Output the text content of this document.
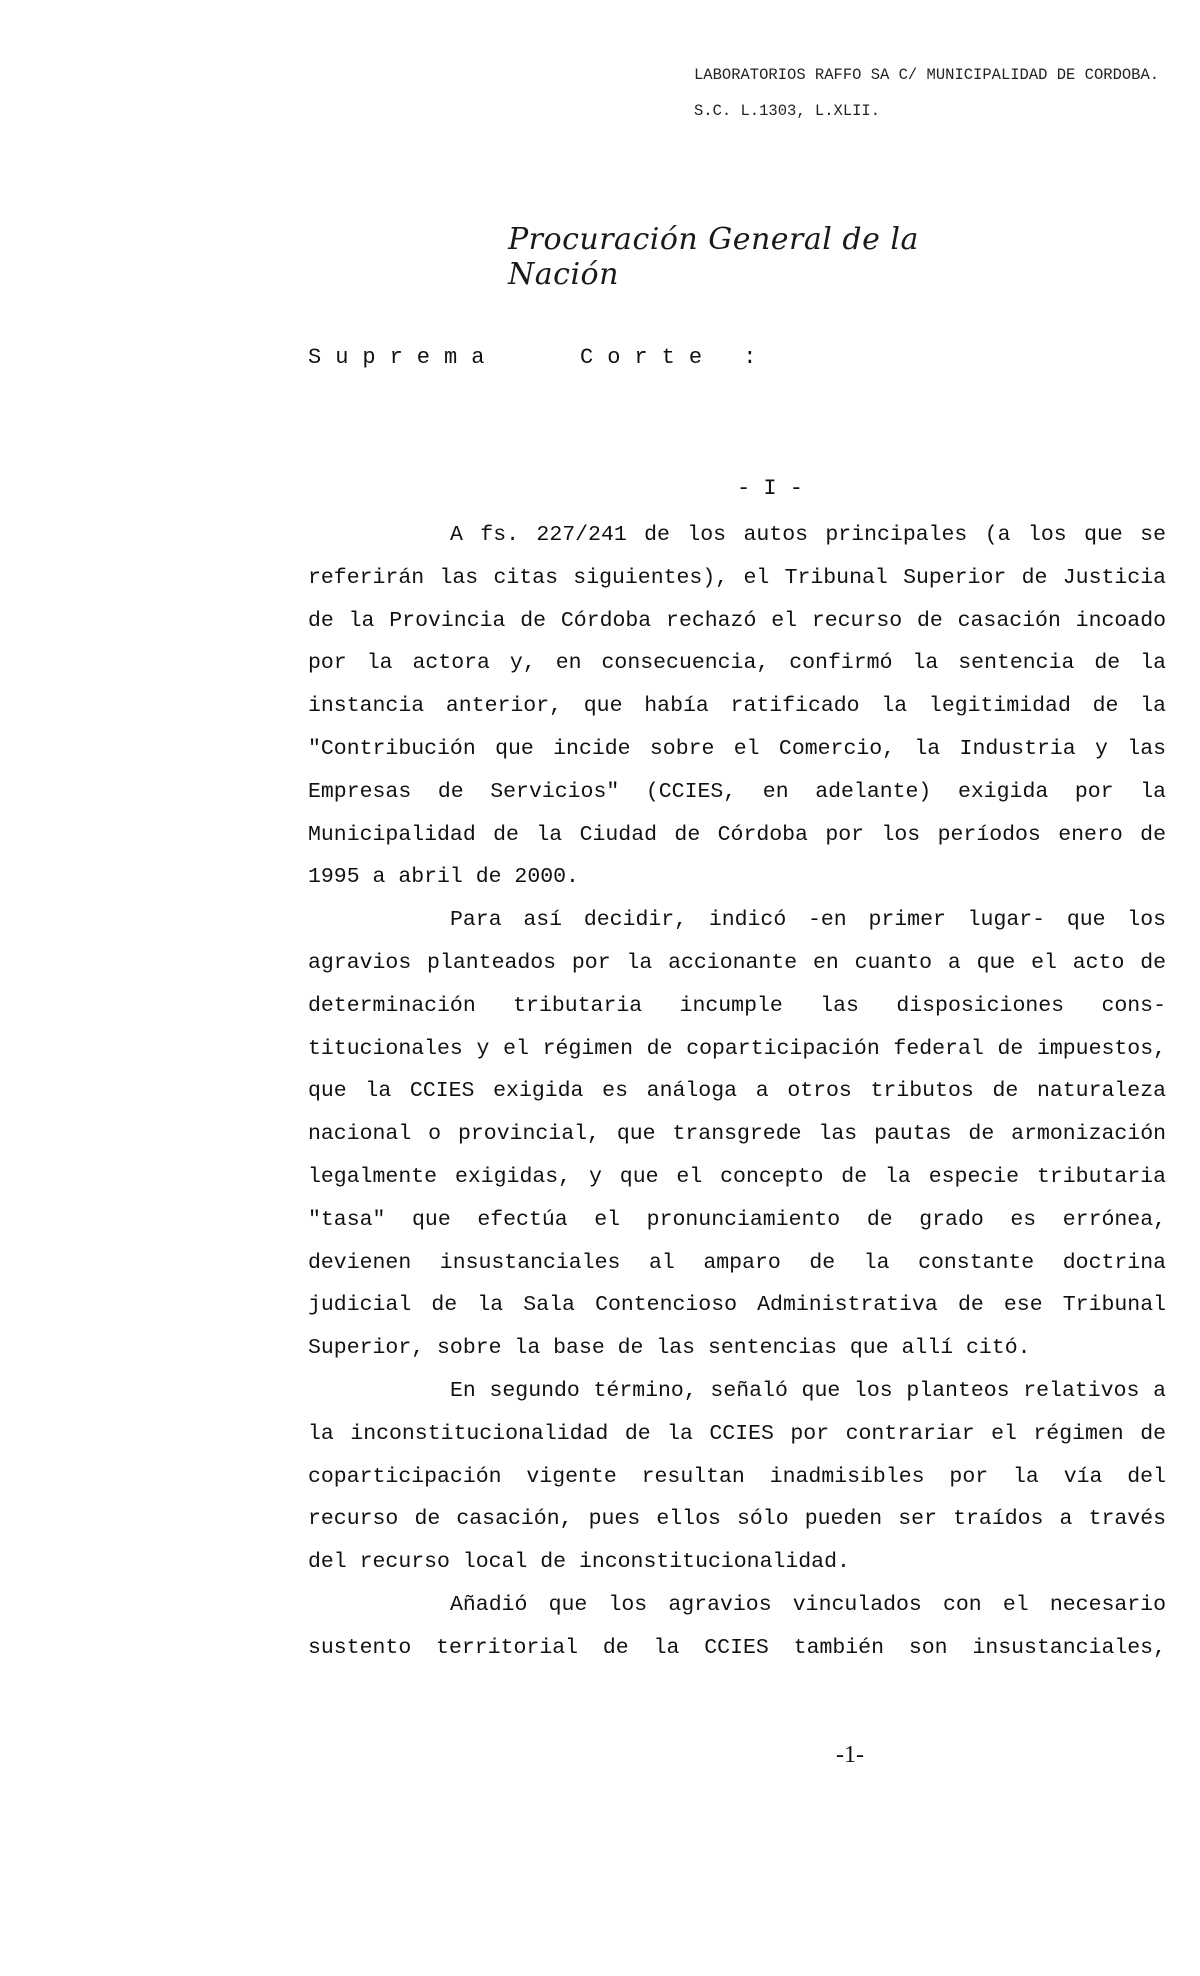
LABORATORIOS RAFFO SA C/ MUNICIPALIDAD DE CORDOBA.
S.C. L.1303, L.XLII.
Procuración General de la Nación
Suprema   Corte :
- I -

A fs. 227/241 de los autos principales (a los que se referirán las citas siguientes), el Tribunal Superior de Justicia de la Provincia de Córdoba rechazó el recurso de casación incoado por la actora y, en consecuencia, confirmó la sentencia de la instancia anterior, que había ratificado la legitimidad de la "Contribución que incide sobre el Comercio, la Industria y las Empresas de Servicios" (CCIES, en adelante) exigida por la Municipalidad de la Ciudad de Córdoba por los períodos enero de 1995 a abril de 2000.

Para así decidir, indicó -en primer lugar- que los agravios planteados por la accionante en cuanto a que el acto de determinación tributaria incumple las disposiciones constitucionales y el régimen de coparticipación federal de impuestos, que la CCIES exigida es análoga a otros tributos de naturaleza nacional o provincial, que transgrede las pautas de armonización legalmente exigidas, y que el concepto de la especie tributaria "tasa" que efectúa el pronunciamiento de grado es errónea, devienen insustanciales al amparo de la constante doctrina judicial de la Sala Contencioso Administrativa de ese Tribunal Superior, sobre la base de las sentencias que allí citó.

En segundo término, señaló que los planteos relativos a la inconstitucionalidad de la CCIES por contrariar el régimen de coparticipación vigente resultan inadmisibles por la vía del recurso de casación, pues ellos sólo pueden ser traídos a través del recurso local de inconstitucionalidad.

Añadió que los agravios vinculados con el necesario sustento territorial de la CCIES también son insustanciales,

-1-
